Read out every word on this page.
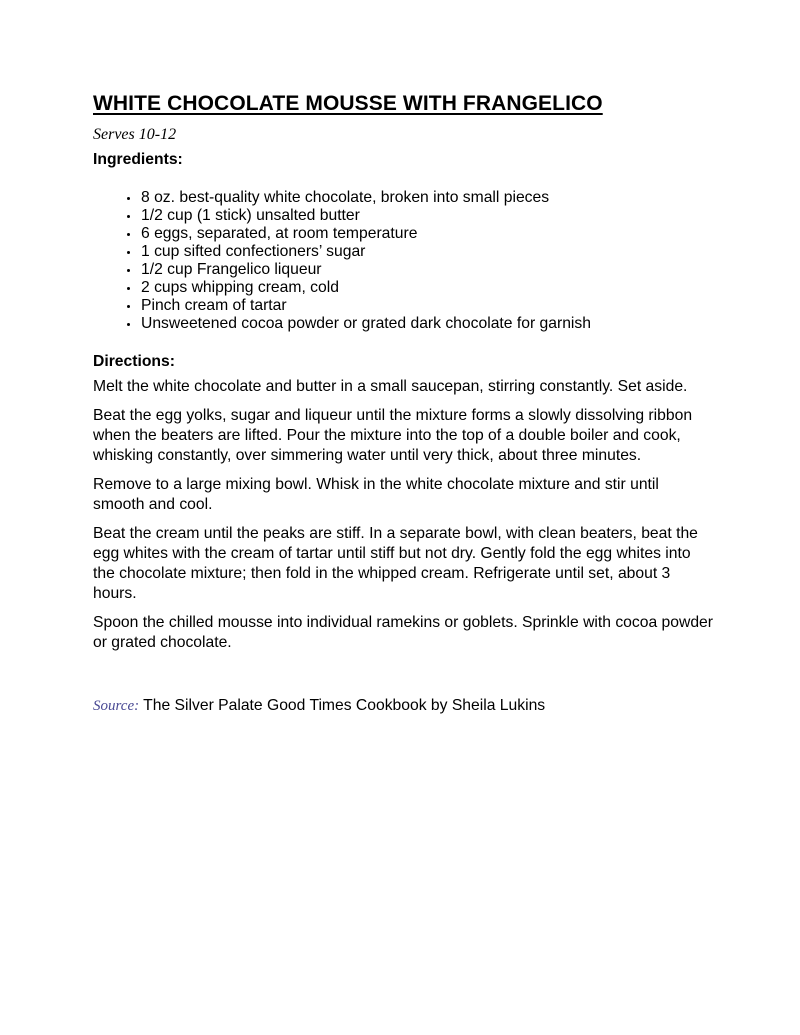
WHITE CHOCOLATE MOUSSE WITH FRANGELICO

Serves 10-12

Ingredients:
• 8 oz. best-quality white chocolate, broken into small pieces
• 1/2 cup (1 stick) unsalted butter
• 6 eggs, separated, at room temperature
• 1 cup sifted confectioners’ sugar
• 1/2 cup Frangelico liqueur
• 2 cups whipping cream, cold
• Pinch cream of tartar
• Unsweetened cocoa powder or grated dark chocolate for garnish
Directions:

Melt the white chocolate and butter in a small saucepan, stirring constantly. Set aside.

Beat the egg yolks, sugar and liqueur until the mixture forms a slowly dissolving ribbon when the beaters are lifted. Pour the mixture into the top of a double boiler and cook, whisking constantly, over simmering water until very thick, about three minutes.

Remove to a large mixing bowl. Whisk in the white chocolate mixture and stir until smooth and cool.

Beat the cream until the peaks are stiff. In a separate bowl, with clean beaters, beat the egg whites with the cream of tartar until stiff but not dry. Gently fold the egg whites into the chocolate mixture; then fold in the whipped cream. Refrigerate until set, about 3 hours.

Spoon the chilled mousse into individual ramekins or goblets. Sprinkle with cocoa powder or grated chocolate.

Source: The Silver Palate Good Times Cookbook by Sheila Lukins
